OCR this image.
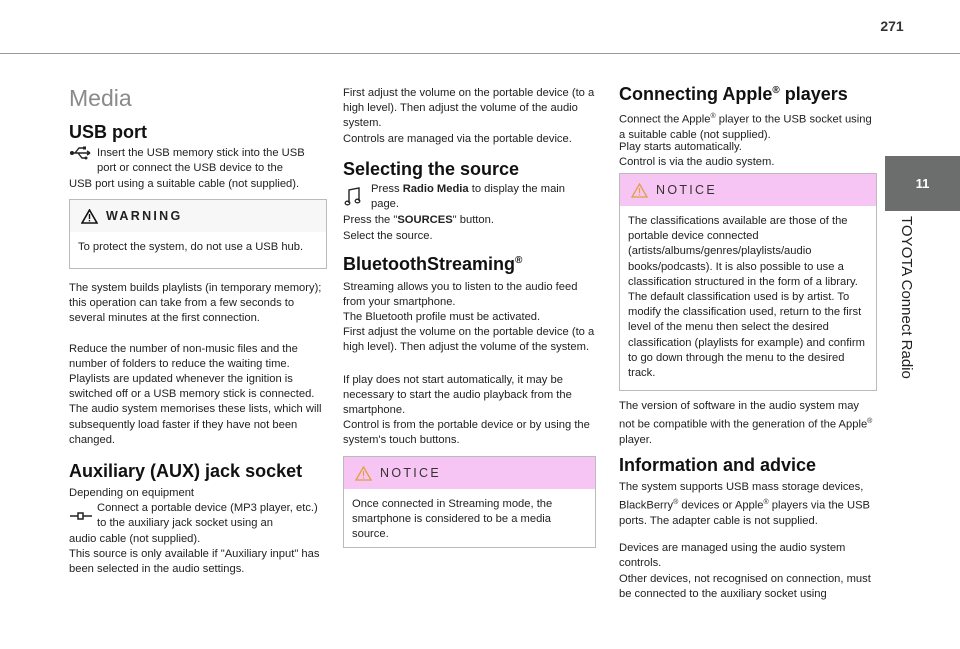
271
11
TOYOTA Connect Radio
Media
USB port

Insert the USB memory stick into the USB port or connect the USB device to the

USB port using a suitable cable (not supplied).

WARNING
To protect the system, do not use a USB hub.

The system builds playlists (in temporary memory); this operation can take from a few seconds to several minutes at the first connection.

Reduce the number of non-music files and the number of folders to reduce the waiting time.

Playlists are updated whenever the ignition is switched off or a USB memory stick is connected. The audio system memorises these lists, which will subsequently load faster if they have not been changed.

Auxiliary (AUX) jack socket

Depending on equipment

Connect a portable device (MP3 player, etc.) to the auxiliary jack socket using an

audio cable (not supplied).

This source is only available if "Auxiliary input" has been selected in the audio settings.

First adjust the volume on the portable device (to a high level). Then adjust the volume of the audio system.

Controls are managed via the portable device.

Selecting the source

Press Radio Media to display the main page.

Press the "SOURCES" button.

Select the source.

BluetoothStreaming®

Streaming allows you to listen to the audio feed from your smartphone.

The Bluetooth profile must be activated.

First adjust the volume on the portable device (to a high level). Then adjust the volume of the system.

If play does not start automatically, it may be necessary to start the audio playback from the smartphone.

Control is from the portable device or by using the system's touch buttons.

NOTICE
Once connected in Streaming mode, the smartphone is considered to be a media source.
Connecting Apple® players

Connect the Apple® player to the USB socket using a suitable cable (not supplied).

Play starts automatically.

Control is via the audio system.

NOTICE
The classifications available are those of the portable device connected (artists/albums/genres/playlists/audio books/podcasts). It is also possible to use a classification structured in the form of a library.
The default classification used is by artist. To modify the classification used, return to the first level of the menu then select the desired classification (playlists for example) and confirm to go down through the menu to the desired track.

The version of software in the audio system may not be compatible with the generation of the Apple® player.

Information and advice

The system supports USB mass storage devices, BlackBerry® devices or Apple® players via the USB ports. The adapter cable is not supplied.

Devices are managed using the audio system controls.

Other devices, not recognised on connection, must be connected to the auxiliary socket using
